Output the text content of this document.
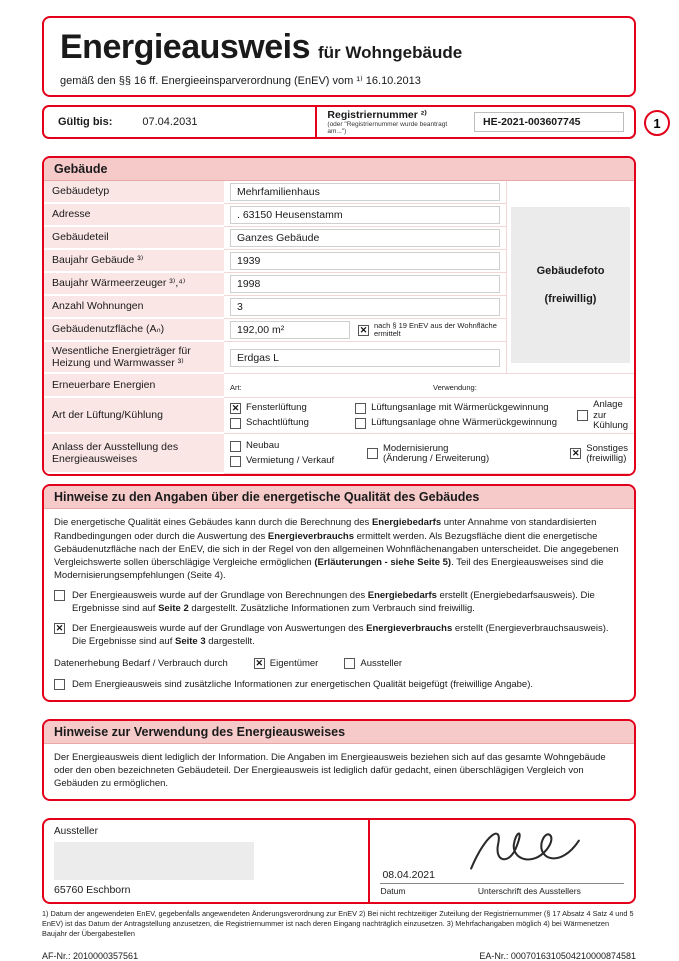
Energieausweis für Wohngebäude
gemäß den §§ 16 ff. Energieeinsparverordnung (EnEV) vom ¹⁾ 16.10.2013
Gültig bis:	07.04.2031
Registriernummer ²⁾
(oder "Registriernummer wurde beantragt am...")
HE-2021-003607745	1
Gebäude
Gebäudetyp	Mehrfamilienhaus
Adresse	. 63150 Heusenstamm
Gebäudeteil	Ganzes Gebäude
Baujahr Gebäude ³⁾	1939
Baujahr Wärmeerzeuger ³⁾,⁴⁾	1998
Anzahl Wohnungen	3
Gebäudenutzfläche (Aₙ)	192,00 m² ✕	nach § 19 EnEV aus der Wohnfläche ermittelt
Wesentliche Energieträger für Heizung und Warmwasser ³⁾	Erdgas L
Gebäudefoto
(freiwillig)
Erneuerbare Energien	Art:	Verwendung:
Art der Lüftung/Kühlung
✕
Fensterlüftung
Schachtlüftung
Lüftungsanlage mit Wärmerückgewinnung
Lüftungsanlage ohne Wärmerückgewinnung
Anlage zur Kühlung
Anlass der Ausstellung des Energieausweises
Neubau
Vermietung / Verkauf
Modernisierung (Änderung / Erweiterung)
✕
Sonstiges (freiwillig)
Hinweise zu den Angaben über die energetische Qualität des Gebäudes
Die energetische Qualität eines Gebäudes kann durch die Berechnung des Energiebedarfs unter Annahme von standardisierten Randbedingungen oder durch die Auswertung des Energieverbrauchs ermittelt werden. Als Bezugsfläche dient die energetische Gebäudenutzfläche nach der EnEV, die sich in der Regel von den allgemeinen Wohnflächenangaben unterscheidet. Die angegebenen Vergleichswerte sollen überschlägige Vergleiche ermöglichen (Erläuterungen - siehe Seite 5). Teil des Energieausweises sind die Modernisierungsempfehlungen (Seite 4).
Der Energieausweis wurde auf der Grundlage von Berechnungen des Energiebedarfs erstellt (Energiebedarfsausweis). Die Ergebnisse sind auf Seite 2 dargestellt. Zusätzliche Informationen zum Verbrauch sind freiwillig.
✕
Der Energieausweis wurde auf der Grundlage von Auswertungen des Energieverbrauchs erstellt (Energieverbrauchsausweis). Die Ergebnisse sind auf Seite 3 dargestellt.
Datenerhebung Bedarf / Verbrauch durch ✕	Eigentümer	Aussteller
Dem Energieausweis sind zusätzliche Informationen zur energetischen Qualität beigefügt (freiwillige Angabe).
Hinweise zur Verwendung des Energieausweises
Der Energieausweis dient lediglich der Information. Die Angaben im Energieausweis beziehen sich auf das gesamte Wohngebäude oder den oben bezeichneten Gebäudeteil. Der Energieausweis ist lediglich dafür gedacht, einen überschlägigen Vergleich von Gebäuden zu ermöglichen.
Aussteller
65760 Eschborn
08.04.2021
Datum	Unterschrift des Ausstellers
1) Datum der angewendeten EnEV, gegebenfalls angewendeten Änderungsverordnung zur EnEV 2) Bei nicht rechtzeitiger Zuteilung der Registriernummer (§ 17 Absatz 4 Satz 4 und 5 EnEV) ist das Datum der Antragstellung anzusetzen, die Registriernummer ist nach deren Eingang nachträglich einzusetzen. 3) Mehrfachangaben möglich 4) bei Wärmenetzen Baujahr der Übergabestellen
AF-Nr.: 2010000357561	EA-Nr.: 0007016310504210000874581
